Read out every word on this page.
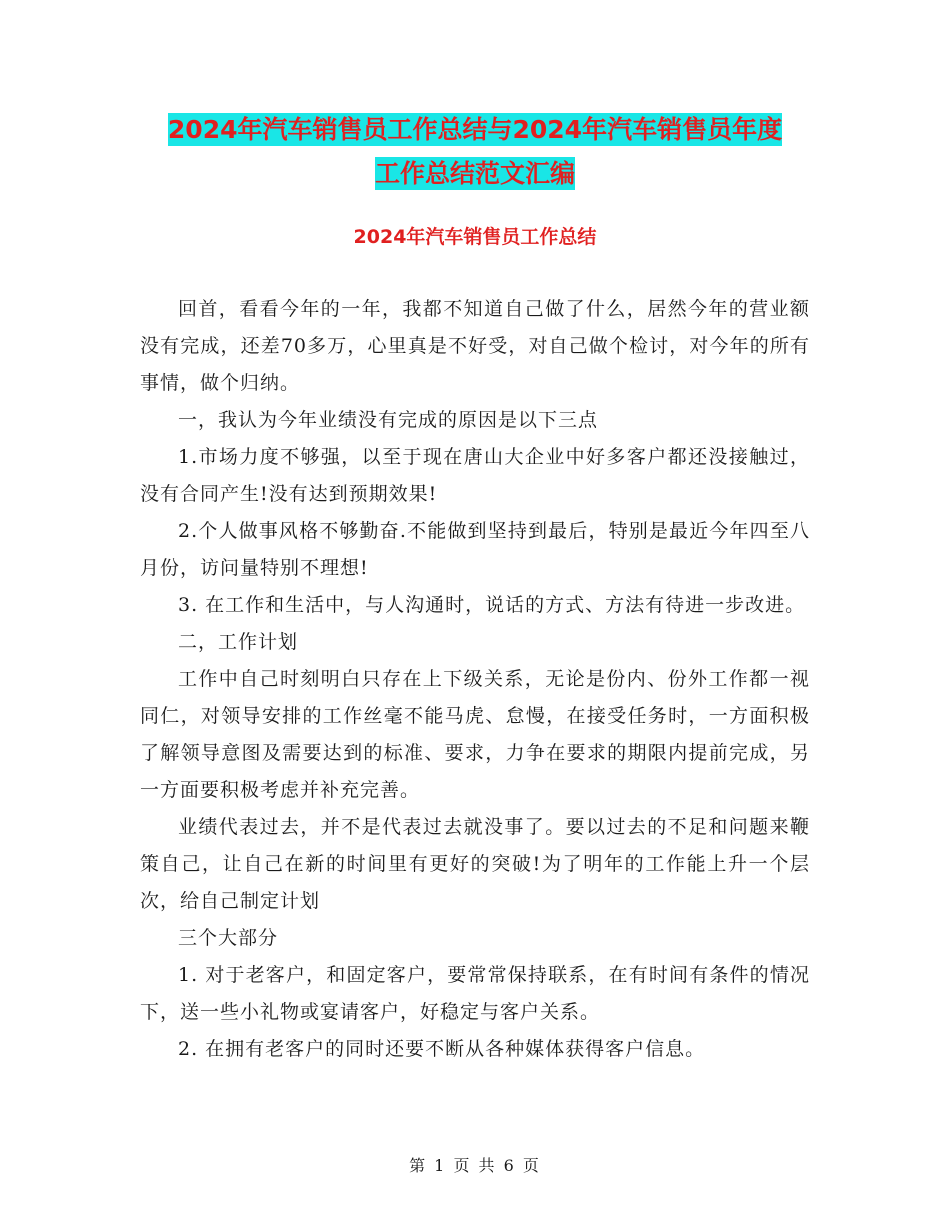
2024年汽车销售员工作总结与2024年汽车销售员年度
工作总结范文汇编
2024年汽车销售员工作总结

回首，看看今年的一年，我都不知道自己做了什么，居然今年的营业额没有完成，还差70多万，心里真是不好受，对自己做个检讨，对今年的所有事情，做个归纳。

一，我认为今年业绩没有完成的原因是以下三点

1.市场力度不够强，以至于现在唐山大企业中好多客户都还没接触过，没有合同产生!没有达到预期效果!

2.个人做事风格不够勤奋.不能做到坚持到最后，特别是最近今年四至八月份，访问量特别不理想!

3. 在工作和生活中，与人沟通时，说话的方式、方法有待进一步改进。

二，工作计划

工作中自己时刻明白只存在上下级关系，无论是份内、份外工作都一视同仁，对领导安排的工作丝毫不能马虎、怠慢，在接受任务时，一方面积极了解领导意图及需要达到的标准、要求，力争在要求的期限内提前完成，另一方面要积极考虑并补充完善。

业绩代表过去，并不是代表过去就没事了。要以过去的不足和问题来鞭策自己，让自己在新的时间里有更好的突破!为了明年的工作能上升一个层次，给自己制定计划

三个大部分

1. 对于老客户，和固定客户，要常常保持联系，在有时间有条件的情况下，送一些小礼物或宴请客户，好稳定与客户关系。

2. 在拥有老客户的同时还要不断从各种媒体获得客户信息。

第 1 页 共 6 页
